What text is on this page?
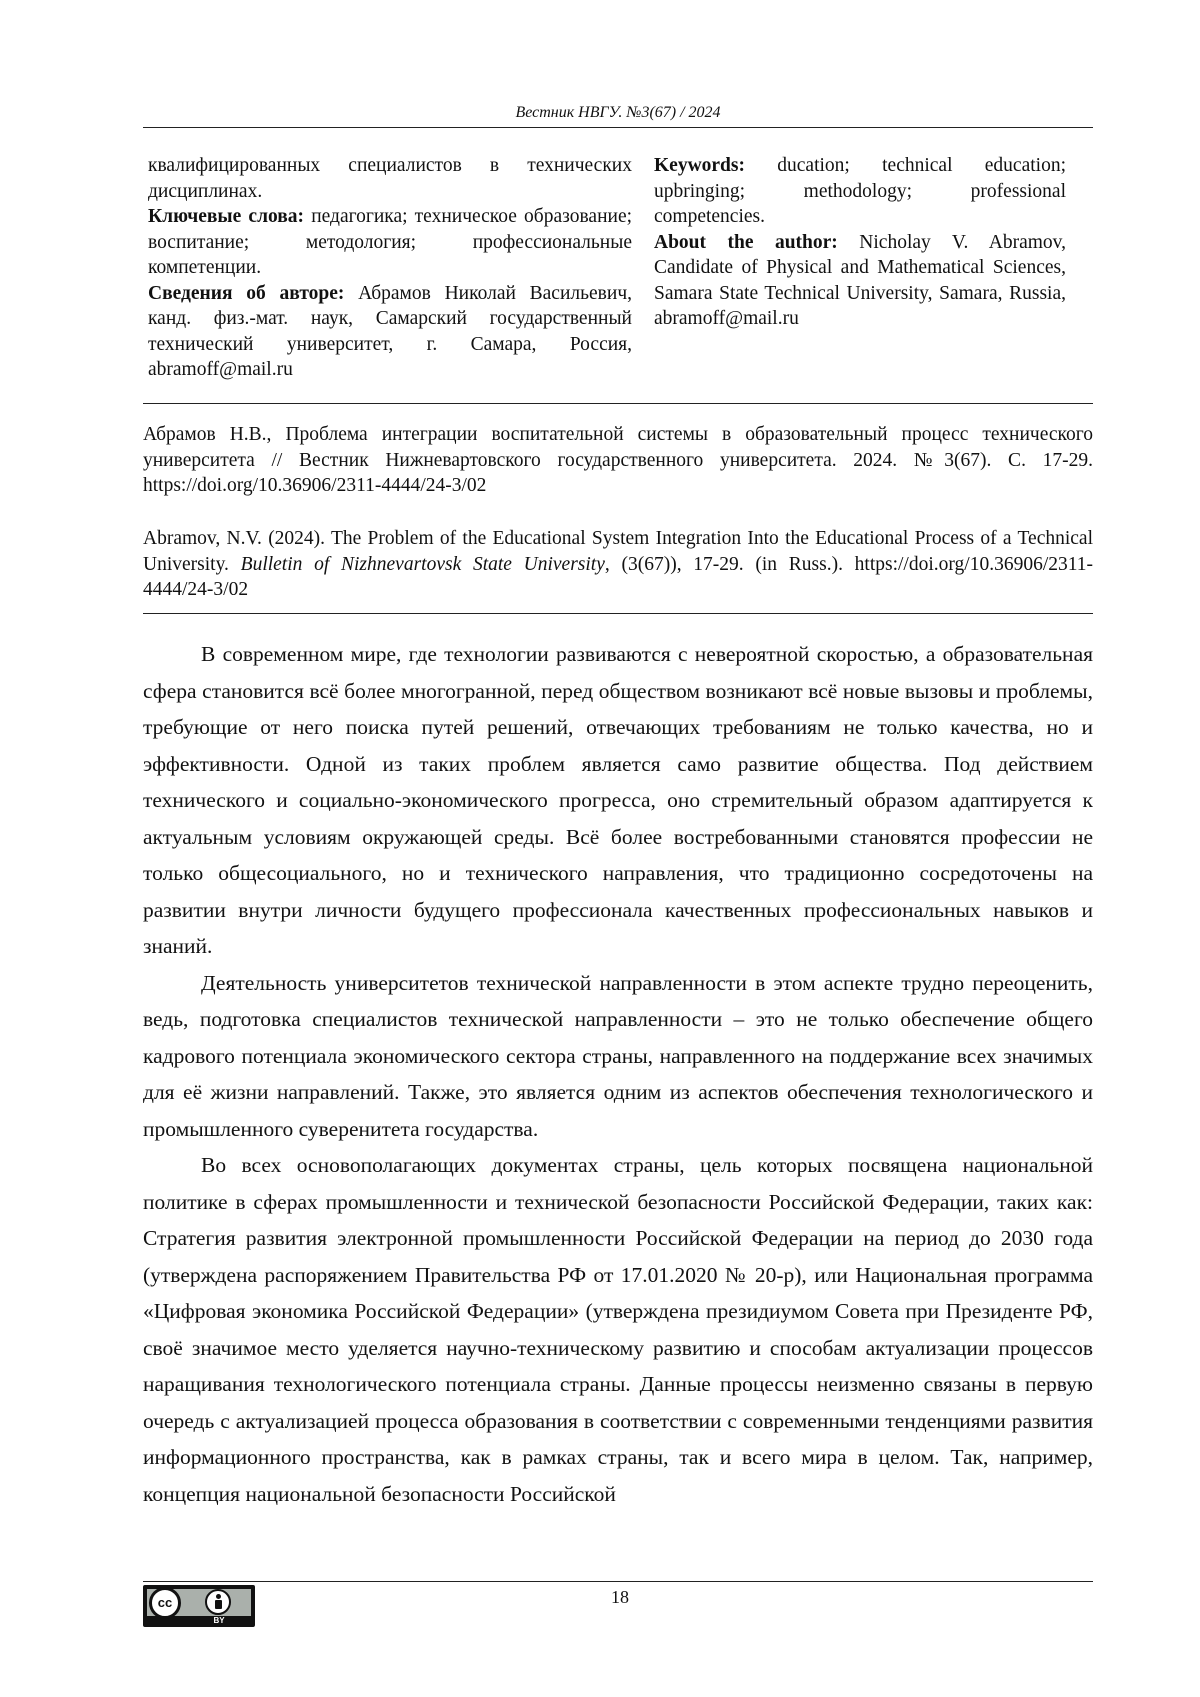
Вестник НВГУ. №3(67) / 2024

квалифицированных специалистов в технических дисциплинах.

Ключевые слова: педагогика; техническое образование; воспитание; методология; профессиональные компетенции.

Сведения об авторе: Абрамов Николай Васильевич, канд. физ.-мат. наук, Самарский государственный технический университет, г. Самара, Россия, abramoff@mail.ru

Keywords: ducation; technical education; upbringing; methodology; professional competencies.

About the author: Nicholay V. Abramov, Candidate of Physical and Mathematical Sciences, Samara State Technical University, Samara, Russia, abramoff@mail.ru

Абрамов Н.В., Проблема интеграции воспитательной системы в образовательный процесс технического университета // Вестник Нижневартовского государственного университета. 2024. №3(67). С. 17-29. https://doi.org/10.36906/2311-4444/24-3/02

Abramov, N.V. (2024). The Problem of the Educational System Integration Into the Educational Process of a Technical University. Bulletin of Nizhnevartovsk State University, (3(67)), 17-29. (in Russ.). https://doi.org/10.36906/2311-4444/24-3/02

В современном мире, где технологии развиваются с невероятной скоростью, а образовательная сфера становится всё более многогранной, перед обществом возникают всё новые вызовы и проблемы, требующие от него поиска путей решений, отвечающих требованиям не только качества, но и эффективности. Одной из таких проблем является само развитие общества. Под действием технического и социально-экономического прогресса, оно стремительный образом адаптируется к актуальным условиям окружающей среды. Всё более востребованными становятся профессии не только общесоциального, но и технического направления, что традиционно сосредоточены на развитии внутри личности будущего профессионала качественных профессиональных навыков и знаний.

Деятельность университетов технической направленности в этом аспекте трудно переоценить, ведь, подготовка специалистов технической направленности – это не только обеспечение общего кадрового потенциала экономического сектора страны, направленного на поддержание всех значимых для её жизни направлений. Также, это является одним из аспектов обеспечения технологического и промышленного суверенитета государства.

Во всех основополагающих документах страны, цель которых посвящена национальной политике в сферах промышленности и технической безопасности Российской Федерации, таких как: Стратегия развития электронной промышленности Российской Федерации на период до 2030 года (утверждена распоряжением Правительства РФ от 17.01.2020 № 20-р), или Национальная программа «Цифровая экономика Российской Федерации» (утверждена президиумом Совета при Президенте РФ, своё значимое место уделяется научно-техническому развитию и способам актуализации процессов наращивания технологического потенциала страны. Данные процессы неизменно связаны в первую очередь с актуализацией процесса образования в соответствии с современными тенденциями развития информационного пространства, как в рамках страны, так и всего мира в целом. Так, например, концепция национальной безопасности Российской

cc
BY
18
